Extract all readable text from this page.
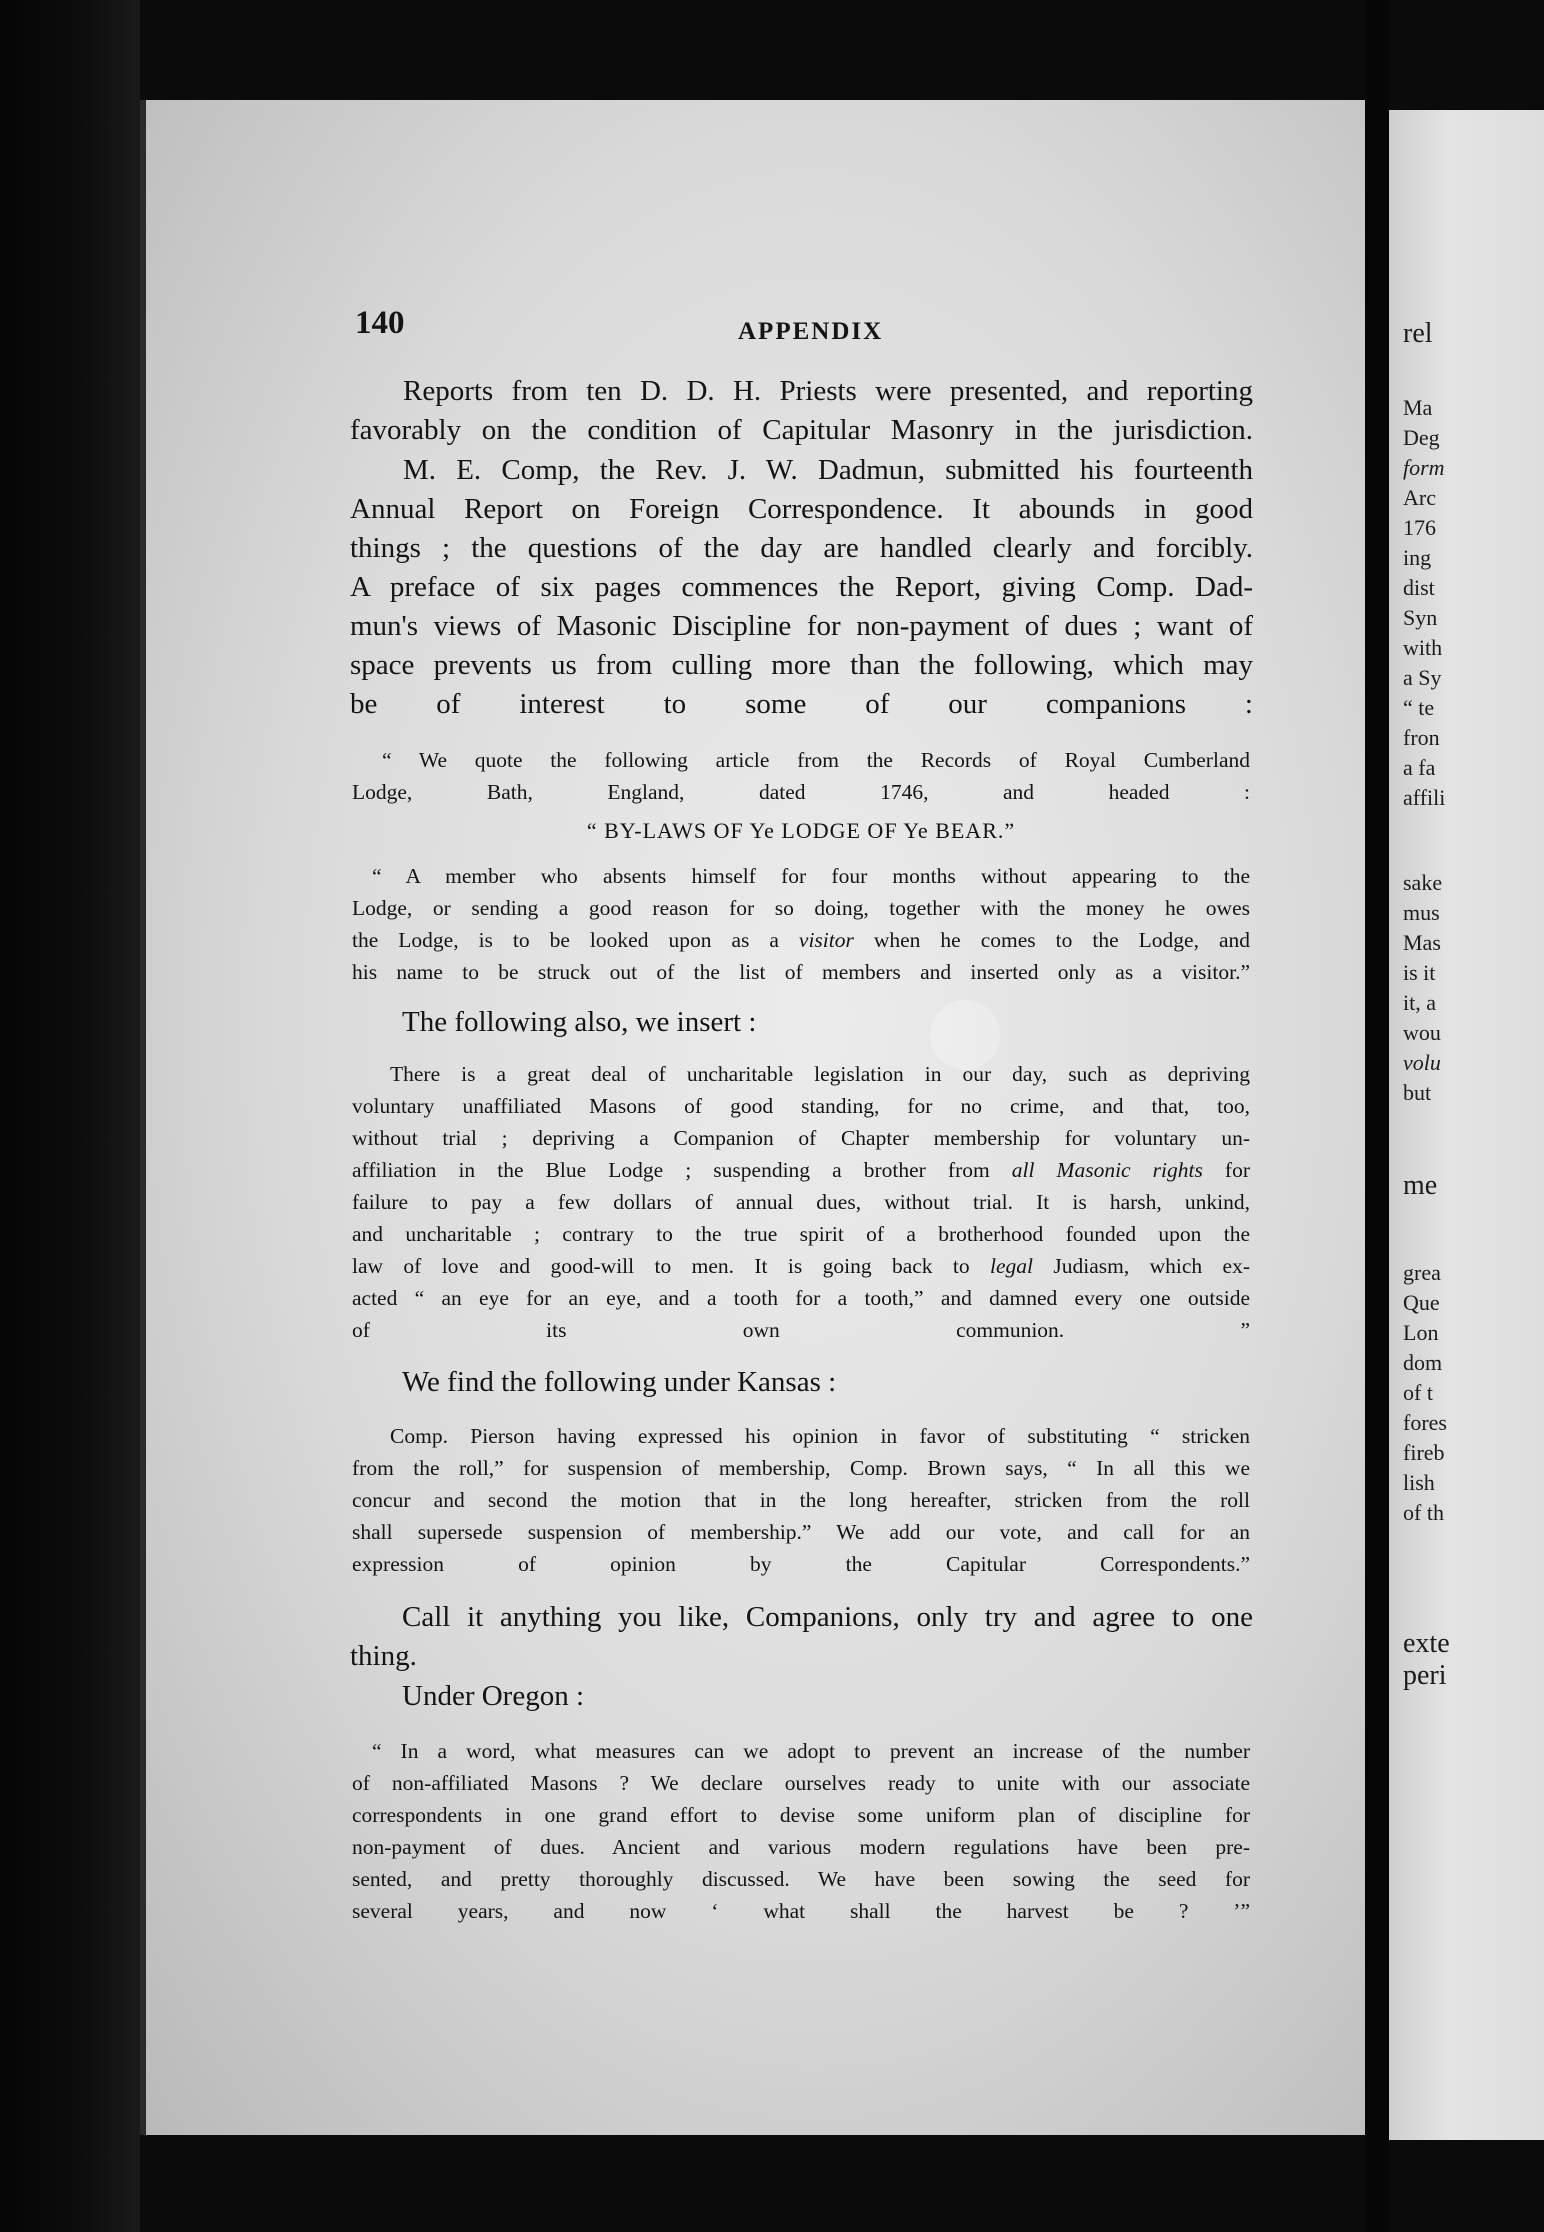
rel
Ma
Deg
form
Arc
176
ing
dist
Syn
with
a Sy
“ te
fron
a fa
affili
sake
mus
Mas
is it
it, a
wou
volu
but
me
grea
Que
Lon
dom
of t
fores
fireb
lish
of th
exte
peri
140	APPENDIX
Reports from ten D. D. H. Priests were presented, and reporting
favorably on the condition of Capitular Masonry in the jurisdiction.
M. E. Comp, the Rev. J. W. Dadmun, submitted his fourteenth
Annual Report on Foreign Correspondence. It abounds in good
things ; the questions of the day are handled clearly and forcibly.
A preface of six pages commences the Report, giving Comp. Dad-
mun's views of Masonic Discipline for non-payment of dues ; want of
space prevents us from culling more than the following, which may
be of interest to some of our companions :
“ We quote the following article from the Records of Royal Cumberland
Lodge, Bath, England, dated 1746, and headed :
“ BY-LAWS OF Ye LODGE OF Ye BEAR.”
“ A member who absents himself for four months without appearing to the
Lodge, or sending a good reason for so doing, together with the money he owes
the Lodge, is to be looked upon as a visitor when he comes to the Lodge, and
his name to be struck out of the list of members and inserted only as a visitor.”
The following also, we insert :
There is a great deal of uncharitable legislation in our day, such as depriving
voluntary unaffiliated Masons of good standing, for no crime, and that, too,
without trial ; depriving a Companion of Chapter membership for voluntary un-
affiliation in the Blue Lodge ; suspending a brother from all Masonic rights for
failure to pay a few dollars of annual dues, without trial. It is harsh, unkind,
and uncharitable ; contrary to the true spirit of a brotherhood founded upon the
law of love and good-will to men. It is going back to legal Judiasm, which ex-
acted “ an eye for an eye, and a tooth for a tooth,” and damned every one outside
of its own communion. ”
We find the following under Kansas :
Comp. Pierson having expressed his opinion in favor of substituting “ stricken
from the roll,” for suspension of membership, Comp. Brown says, “ In all this we
concur and second the motion that in the long hereafter, stricken from the roll
shall supersede suspension of membership.” We add our vote, and call for an
expression of opinion by the Capitular Correspondents.”
Call it anything you like, Companions, only try and agree to one
thing.
Under Oregon :
“ In a word, what measures can we adopt to prevent an increase of the number
of non-affiliated Masons ? We declare ourselves ready to unite with our associate
correspondents in one grand effort to devise some uniform plan of discipline for
non-payment of dues. Ancient and various modern regulations have been pre-
sented, and pretty thoroughly discussed. We have been sowing the seed for
several years, and now ‘ what shall the harvest be ? ’”
